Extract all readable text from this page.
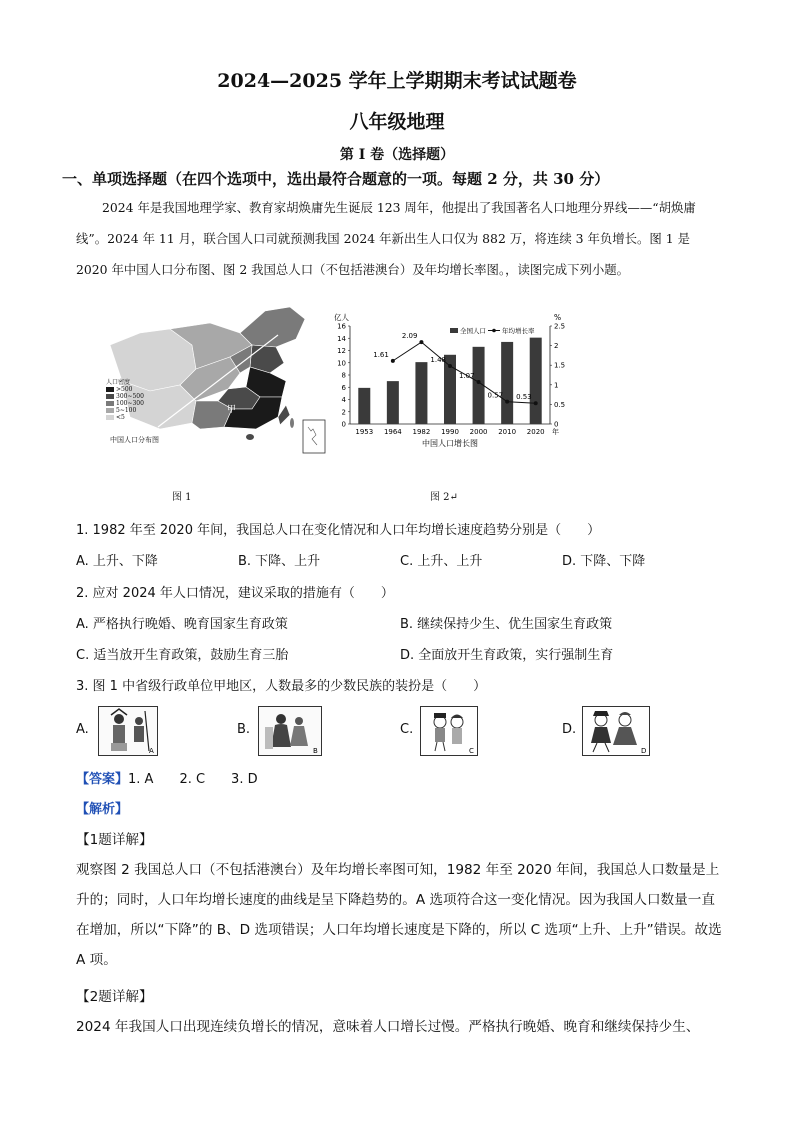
2024—2025 学年上学期期末考试试题卷
八年级地理
第 I 卷（选择题）
一、单项选择题（在四个选项中，选出最符合题意的一项。每题 2 分，共 30 分）
2024 年是我国地理学家、教育家胡焕庸先生诞辰 123 周年，他提出了我国著名人口地理分界线——“胡焕庸线”。2024 年 11 月，联合国人口司就预测我国 2024 年新出生人口仅为 882 万，将连续 3 年负增长。图 1 是 2020 年中国人口分布图、图 2 我国总人口（不包括港澳台）及年均增长率图。，读图完成下列小题。
甲
人口密度
>500
300~500
100~300
5~100
<5
中国人口分布图
图 1
0
2
4
6
8
10
12
14
16
0
0.5
1
1.5
2
2.5
亿人	%
1953 1964 1982 1990 2000 2010 2020
1.61
2.09
1.48
1.07
0.57 0.53
年
中国人口增长图
全国人口 年均增长率
图 2↵
1. 1982 年至 2020 年间，我国总人口在变化情况和人口年均增长速度趋势分别是（　　）
A. 上升、下降	B. 下降、上升	C. 上升、上升	D. 下降、下降
2. 应对 2024 年人口情况，建议采取的措施有（　　）
A. 严格执行晚婚、晚育国家生育政策	B. 继续保持少生、优生国家生育政策
C. 适当放开生育政策，鼓励生育三胎	D. 全面放开生育政策，实行强制生育
3. 图 1 中省级行政单位甲地区，人数最多的少数民族的装扮是（　　）
A.
A
B.
B
C.
C
D.
D
【答案】1. A　　2. C　　3. D
【解析】
【1题详解】
观察图 2 我国总人口（不包括港澳台）及年均增长率图可知，1982 年至 2020 年间，我国总人口数量是上升的；同时，人口年均增长速度的曲线是呈下降趋势的。A 选项符合这一变化情况。因为我国人口数量一直在增加，所以“下降”的 B、D 选项错误；人口年均增长速度是下降的，所以 C 选项“上升、上升”错误。故选 A 项。
【2题详解】
2024 年我国人口出现连续负增长的情况，意味着人口增长过慢。严格执行晚婚、晚育和继续保持少生、
